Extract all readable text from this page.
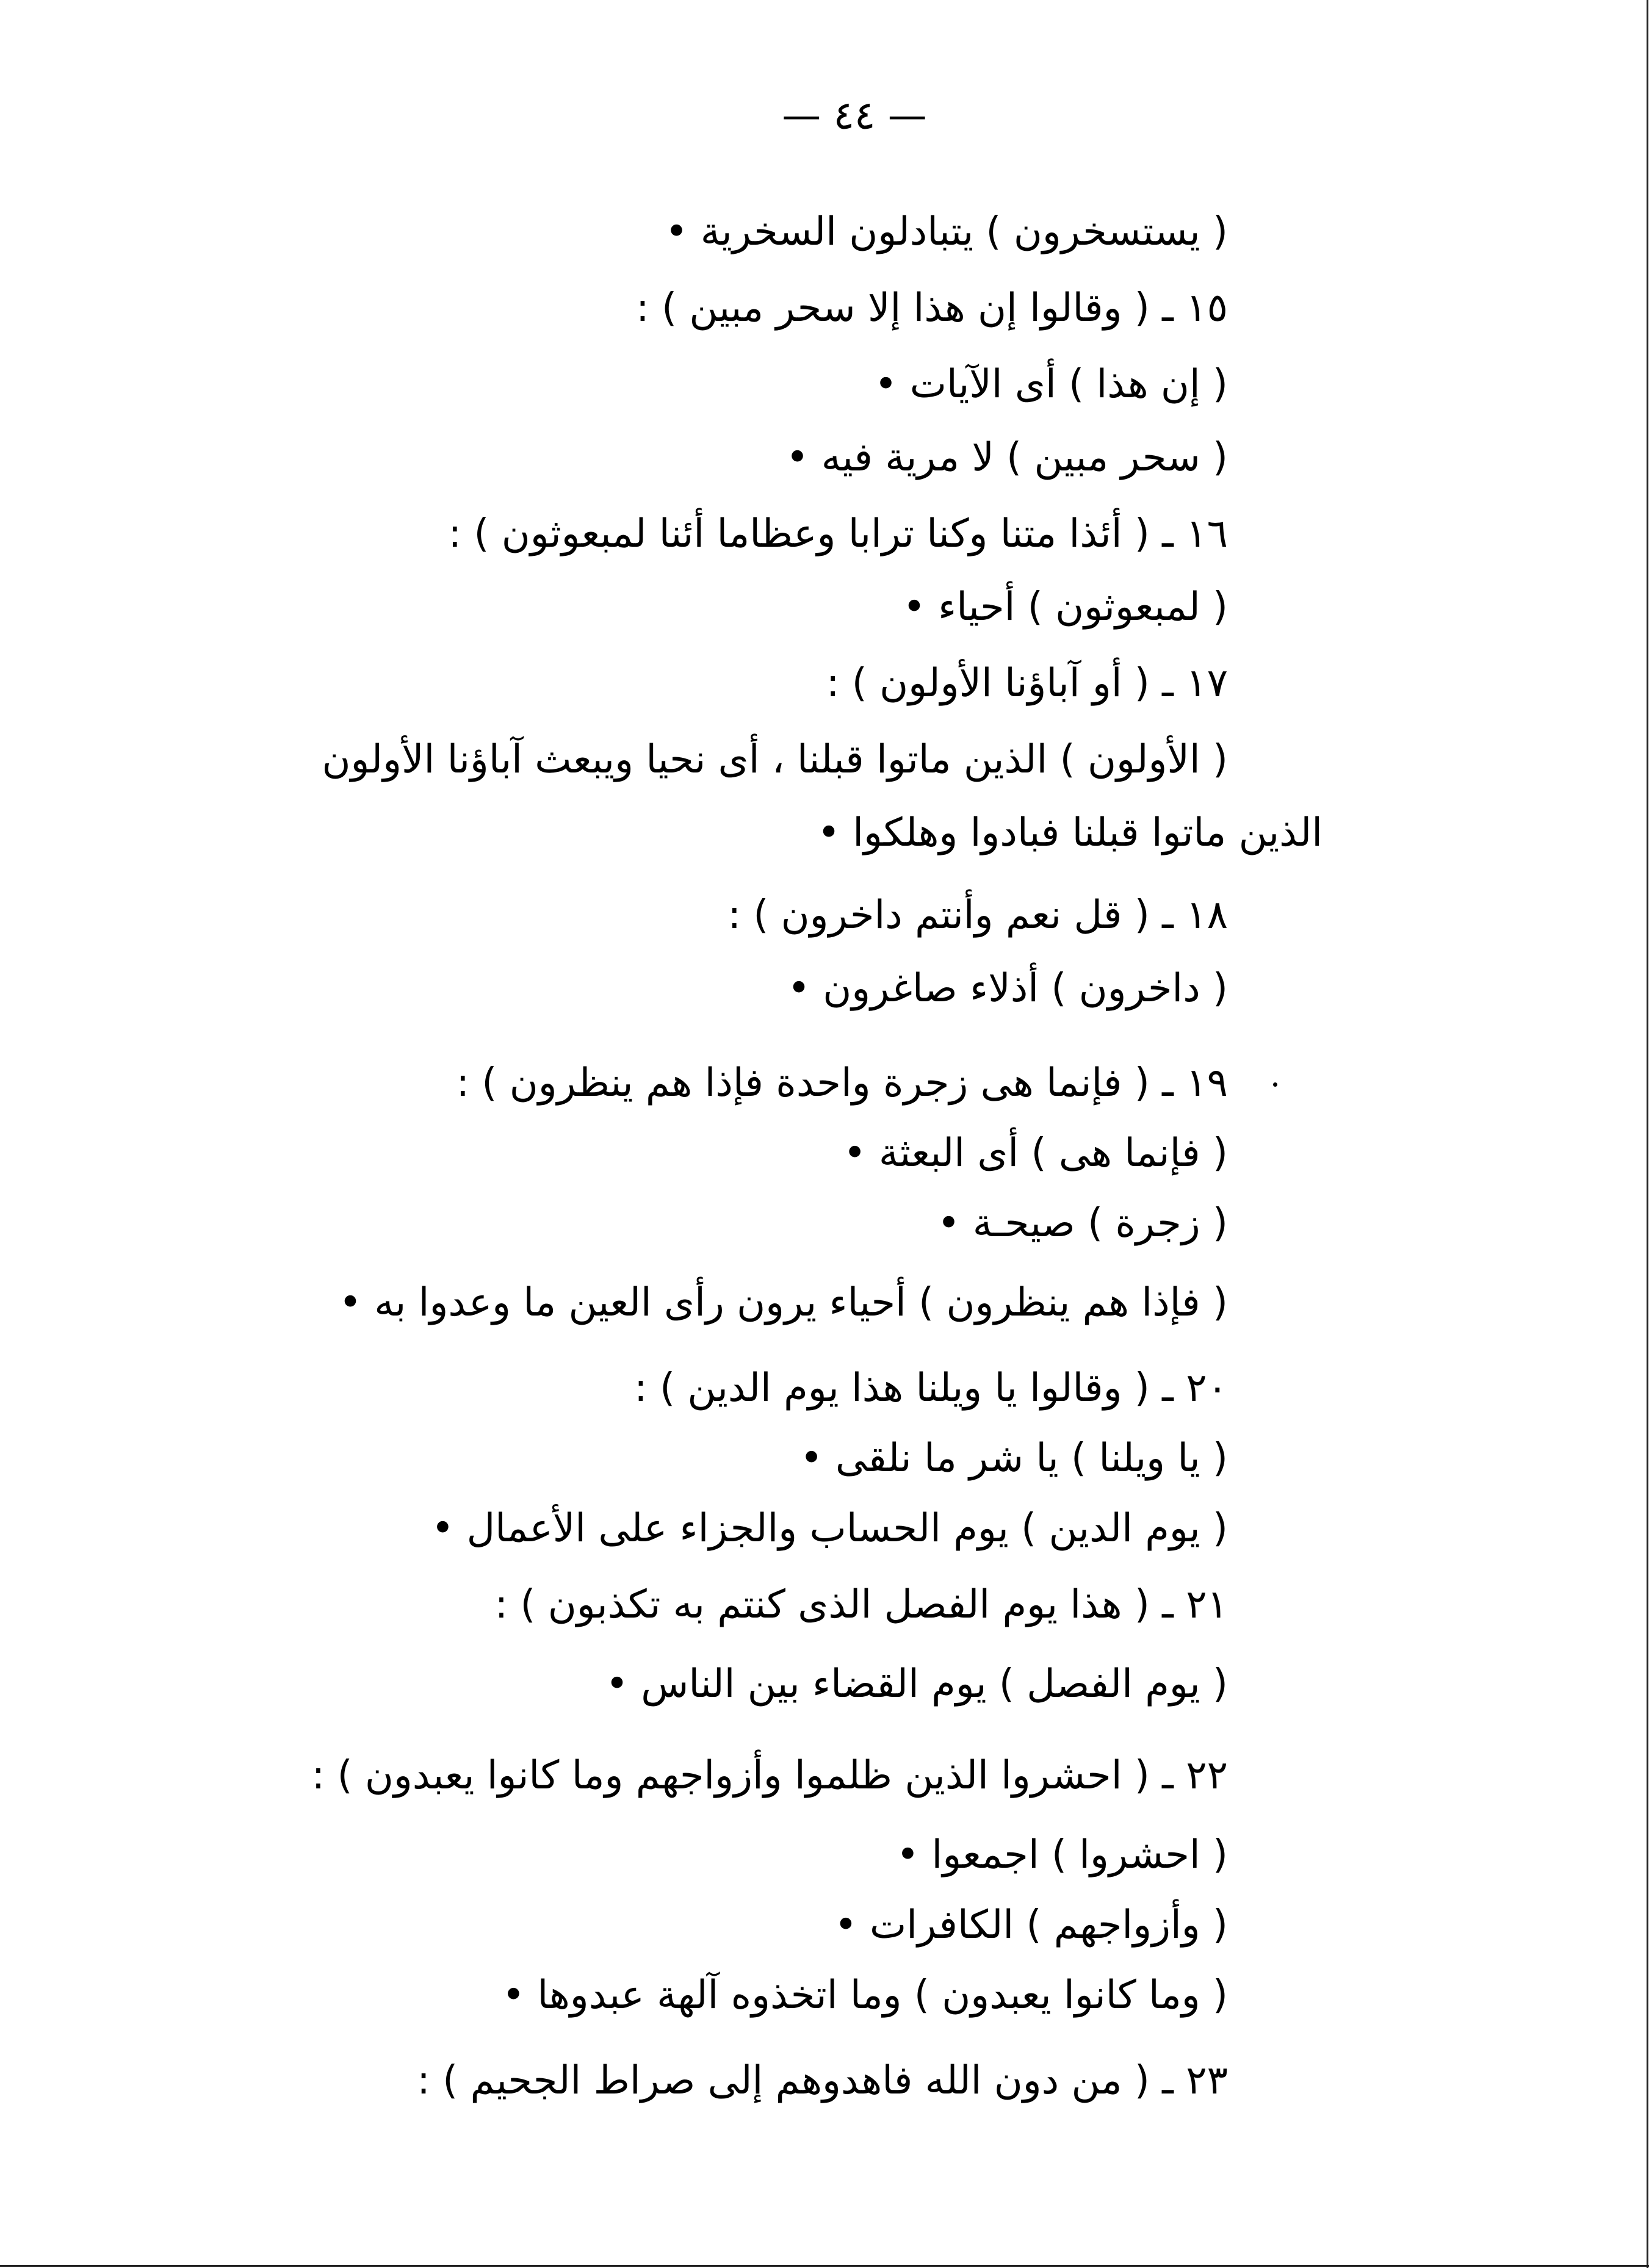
— ٤٤ —
( يستسخرون ) يتبادلون السخرية •
١٥ ـ ( وقالوا إن هذا إلا سحر مبين ) :
( إن هذا ) أى الآيات •
( سحر مبين ) لا مرية فيه •
١٦ ـ ( أئذا متنا وكنا ترابا وعظاما أئنا لمبعوثون ) :
( لمبعوثون ) أحياء •
١٧ ـ ( أو آباؤنا الأولون ) :
( الأولون ) الذين ماتوا قبلنا ، أى نحيا ويبعث آباؤنا الأولون
الذين ماتوا قبلنا فبادوا وهلكوا •
١٨ ـ ( قل نعم وأنتم داخرون ) :
( داخرون ) أذلاء صاغرون •
١٩ ـ ( فإنما هى زجرة واحدة فإذا هم ينظرون ) :
( فإنما هى ) أى البعثة •
( زجرة ) صيحـة •
( فإذا هم ينظرون ) أحياء يرون رأى العين ما وعدوا به •
٢٠ ـ ( وقالوا يا ويلنا هذا يوم الدين ) :
( يا ويلنا ) يا شر ما نلقى •
( يوم الدين ) يوم الحساب والجزاء على الأعمال •
٢١ ـ ( هذا يوم الفصل الذى كنتم به تكذبون ) :
( يوم الفصل ) يوم القضاء بين الناس •
٢٢ ـ ( احشروا الذين ظلموا وأزواجهم وما كانوا يعبدون ) :
( احشروا ) اجمعوا •
( وأزواجهم ) الكافرات •
( وما كانوا يعبدون ) وما اتخذوه آلهة عبدوها •
٢٣ ـ ( من دون الله فاهدوهم إلى صراط الجحيم ) :
